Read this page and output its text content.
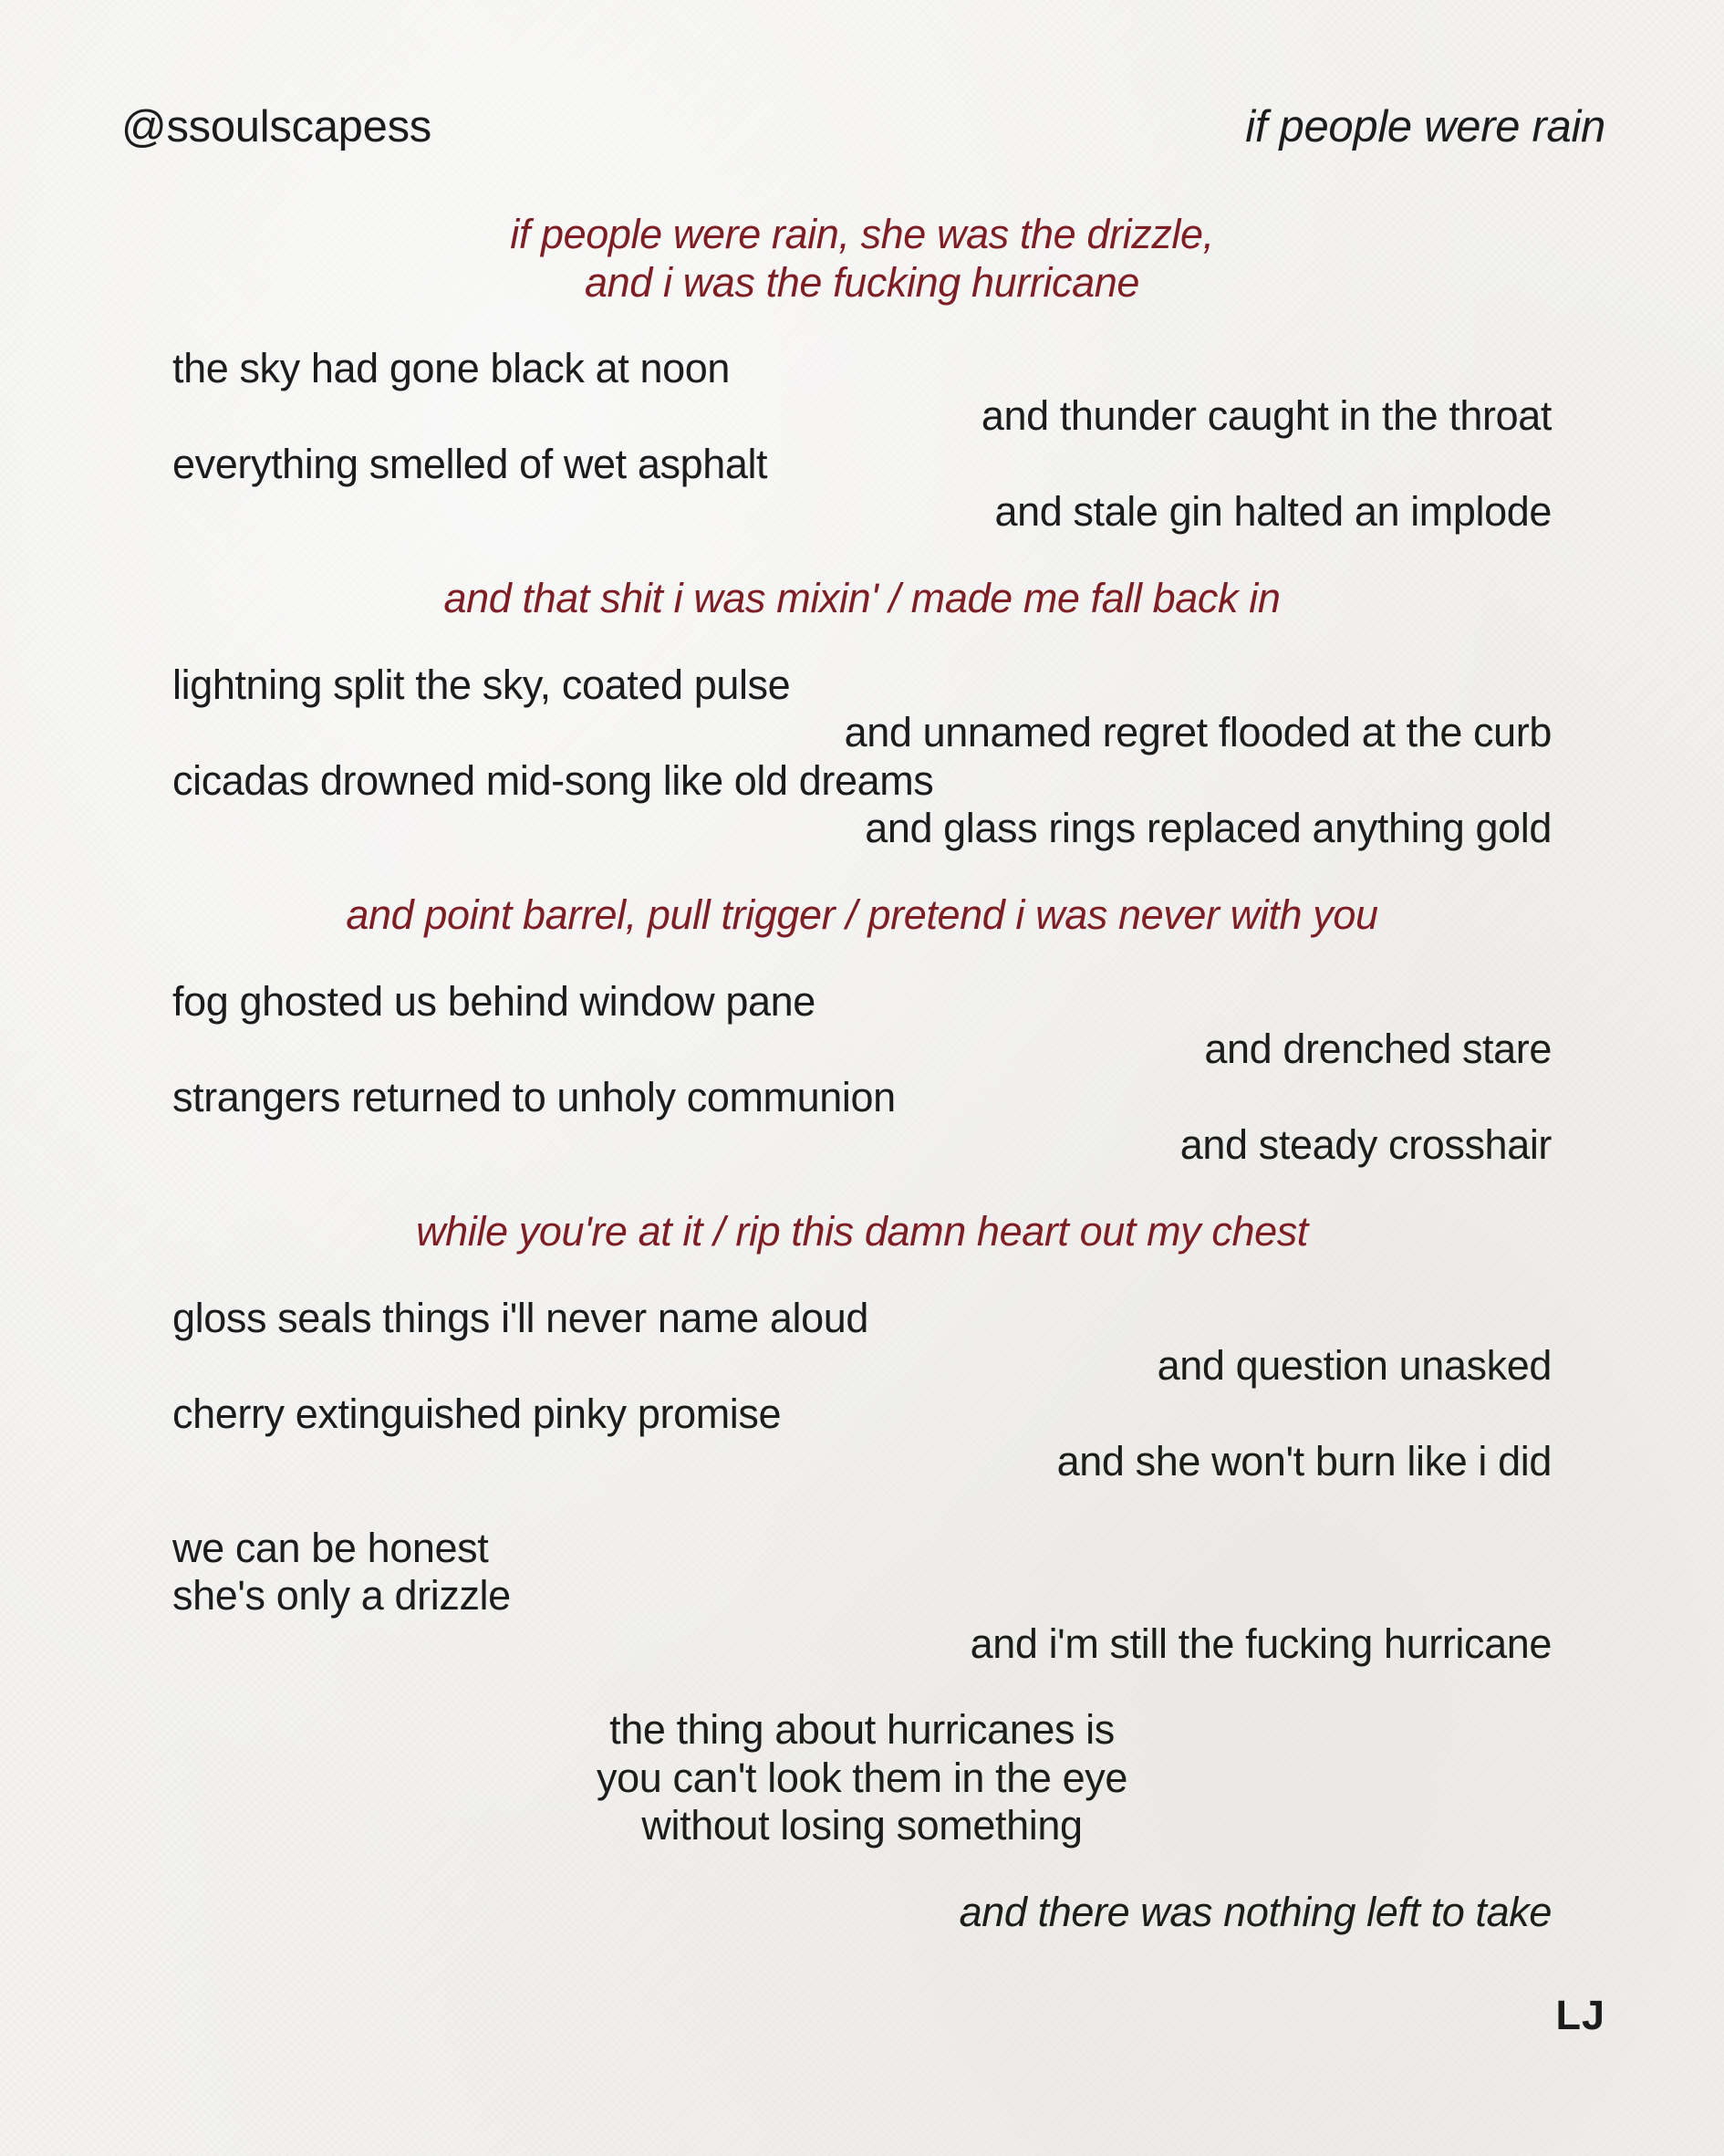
@ssoulscapess	if people were rain
if people were rain, she was the drizzle,
and i was the fucking hurricane
the sky had gone black at noon
and thunder caught in the throat
everything smelled of wet asphalt
and stale gin halted an implode
and that shit i was mixin' / made me fall back in
lightning split the sky, coated pulse
and unnamed regret flooded at the curb
cicadas drowned mid-song like old dreams
and glass rings replaced anything gold
and point barrel, pull trigger / pretend i was never with you
fog ghosted us behind window pane
and drenched stare
strangers returned to unholy communion
and steady crosshair
while you're at it / rip this damn heart out my chest
gloss seals things i'll never name aloud
and question unasked
cherry extinguished pinky promise
and she won't burn like i did
we can be honest
she's only a drizzle
and i'm still the fucking hurricane
the thing about hurricanes is
you can't look them in the eye
without losing something
and there was nothing left to take
LJ
